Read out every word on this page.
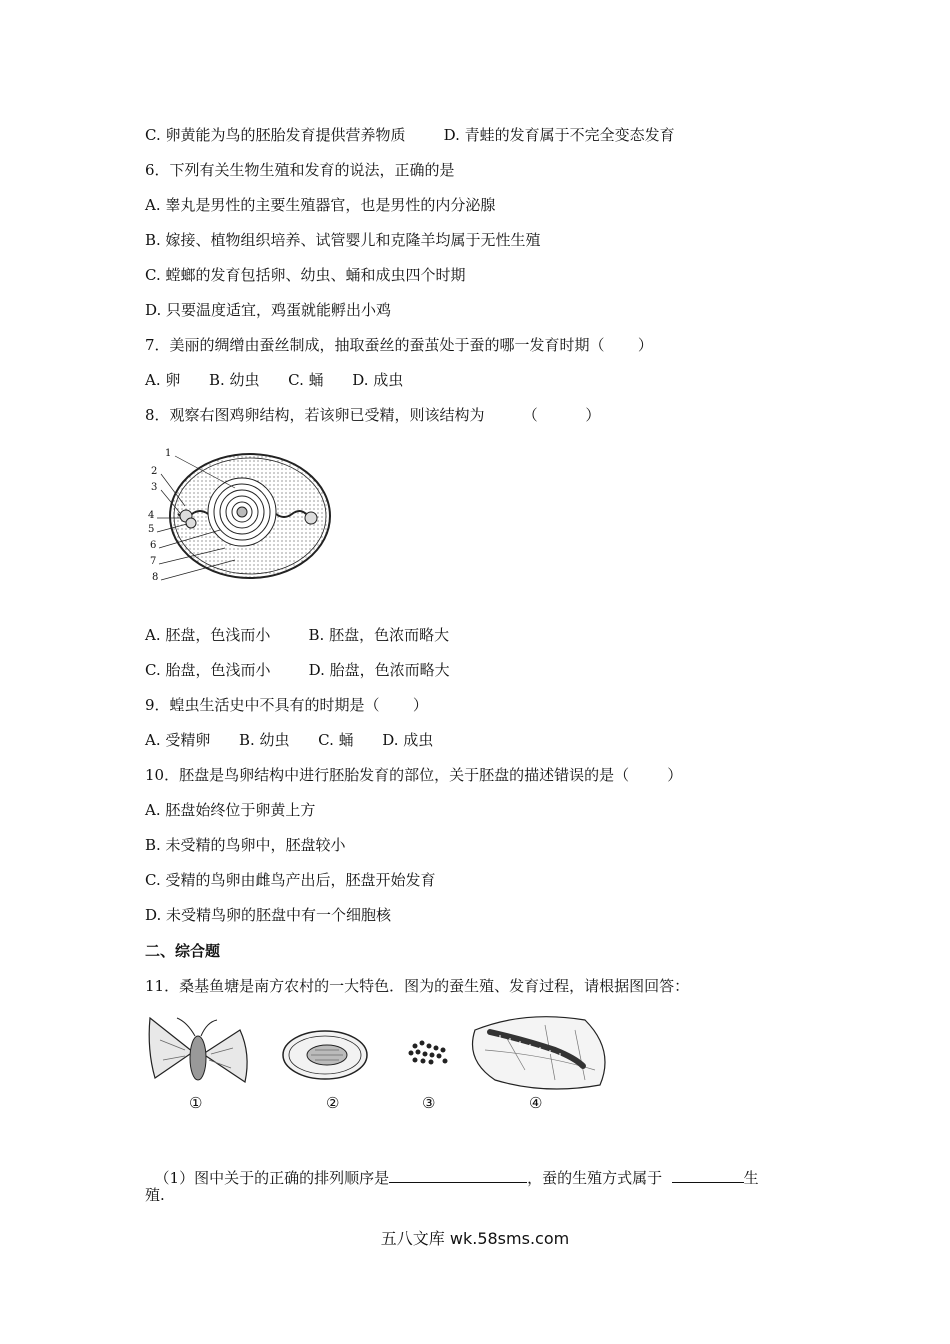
C. 卵黄能为鸟的胚胎发育提供营养物质        D. 青蛙的发育属于不完全变态发育
6．下列有关生物生殖和发育的说法，正确的是
A. 睾丸是男性的主要生殖器官，也是男性的内分泌腺
B. 嫁接、植物组织培养、试管婴儿和克隆羊均属于无性生殖
C. 螳螂的发育包括卵、幼虫、蛹和成虫四个时期
D. 只要温度适宜，鸡蛋就能孵出小鸡
7．美丽的绸缯由蚕丝制成，抽取蚕丝的蚕茧处于蚕的哪一发育时期（       ）
A. 卵      B. 幼虫      C. 蛹      D. 成虫
8．观察右图鸡卵结构，若该卵已受精，则该结构为        （          ）
1
2
3
4
5
6
7
8
A. 胚盘，色浅而小        B. 胚盘，色浓而略大
C. 胎盘，色浅而小        D. 胎盘，色浓而略大
9．蝗虫生活史中不具有的时期是（       ）
A. 受精卵      B. 幼虫      C. 蛹      D. 成虫
10．胚盘是鸟卵结构中进行胚胎发育的部位，关于胚盘的描述错误的是（        ）
A. 胚盘始终位于卵黄上方
B. 未受精的鸟卵中，胚盘较小
C. 受精的鸟卵由雌鸟产出后，胚盘开始发育
D. 未受精鸟卵的胚盘中有一个细胞核
二、综合题
11．桑基鱼塘是南方农村的一大特色．图为的蚕生殖、发育过程，请根据图回答：
①	②	③	④

（1）图中关于的正确的排列顺序是	，蚕的生殖方式属于	生

殖.
五八文库 wk.58sms.com
